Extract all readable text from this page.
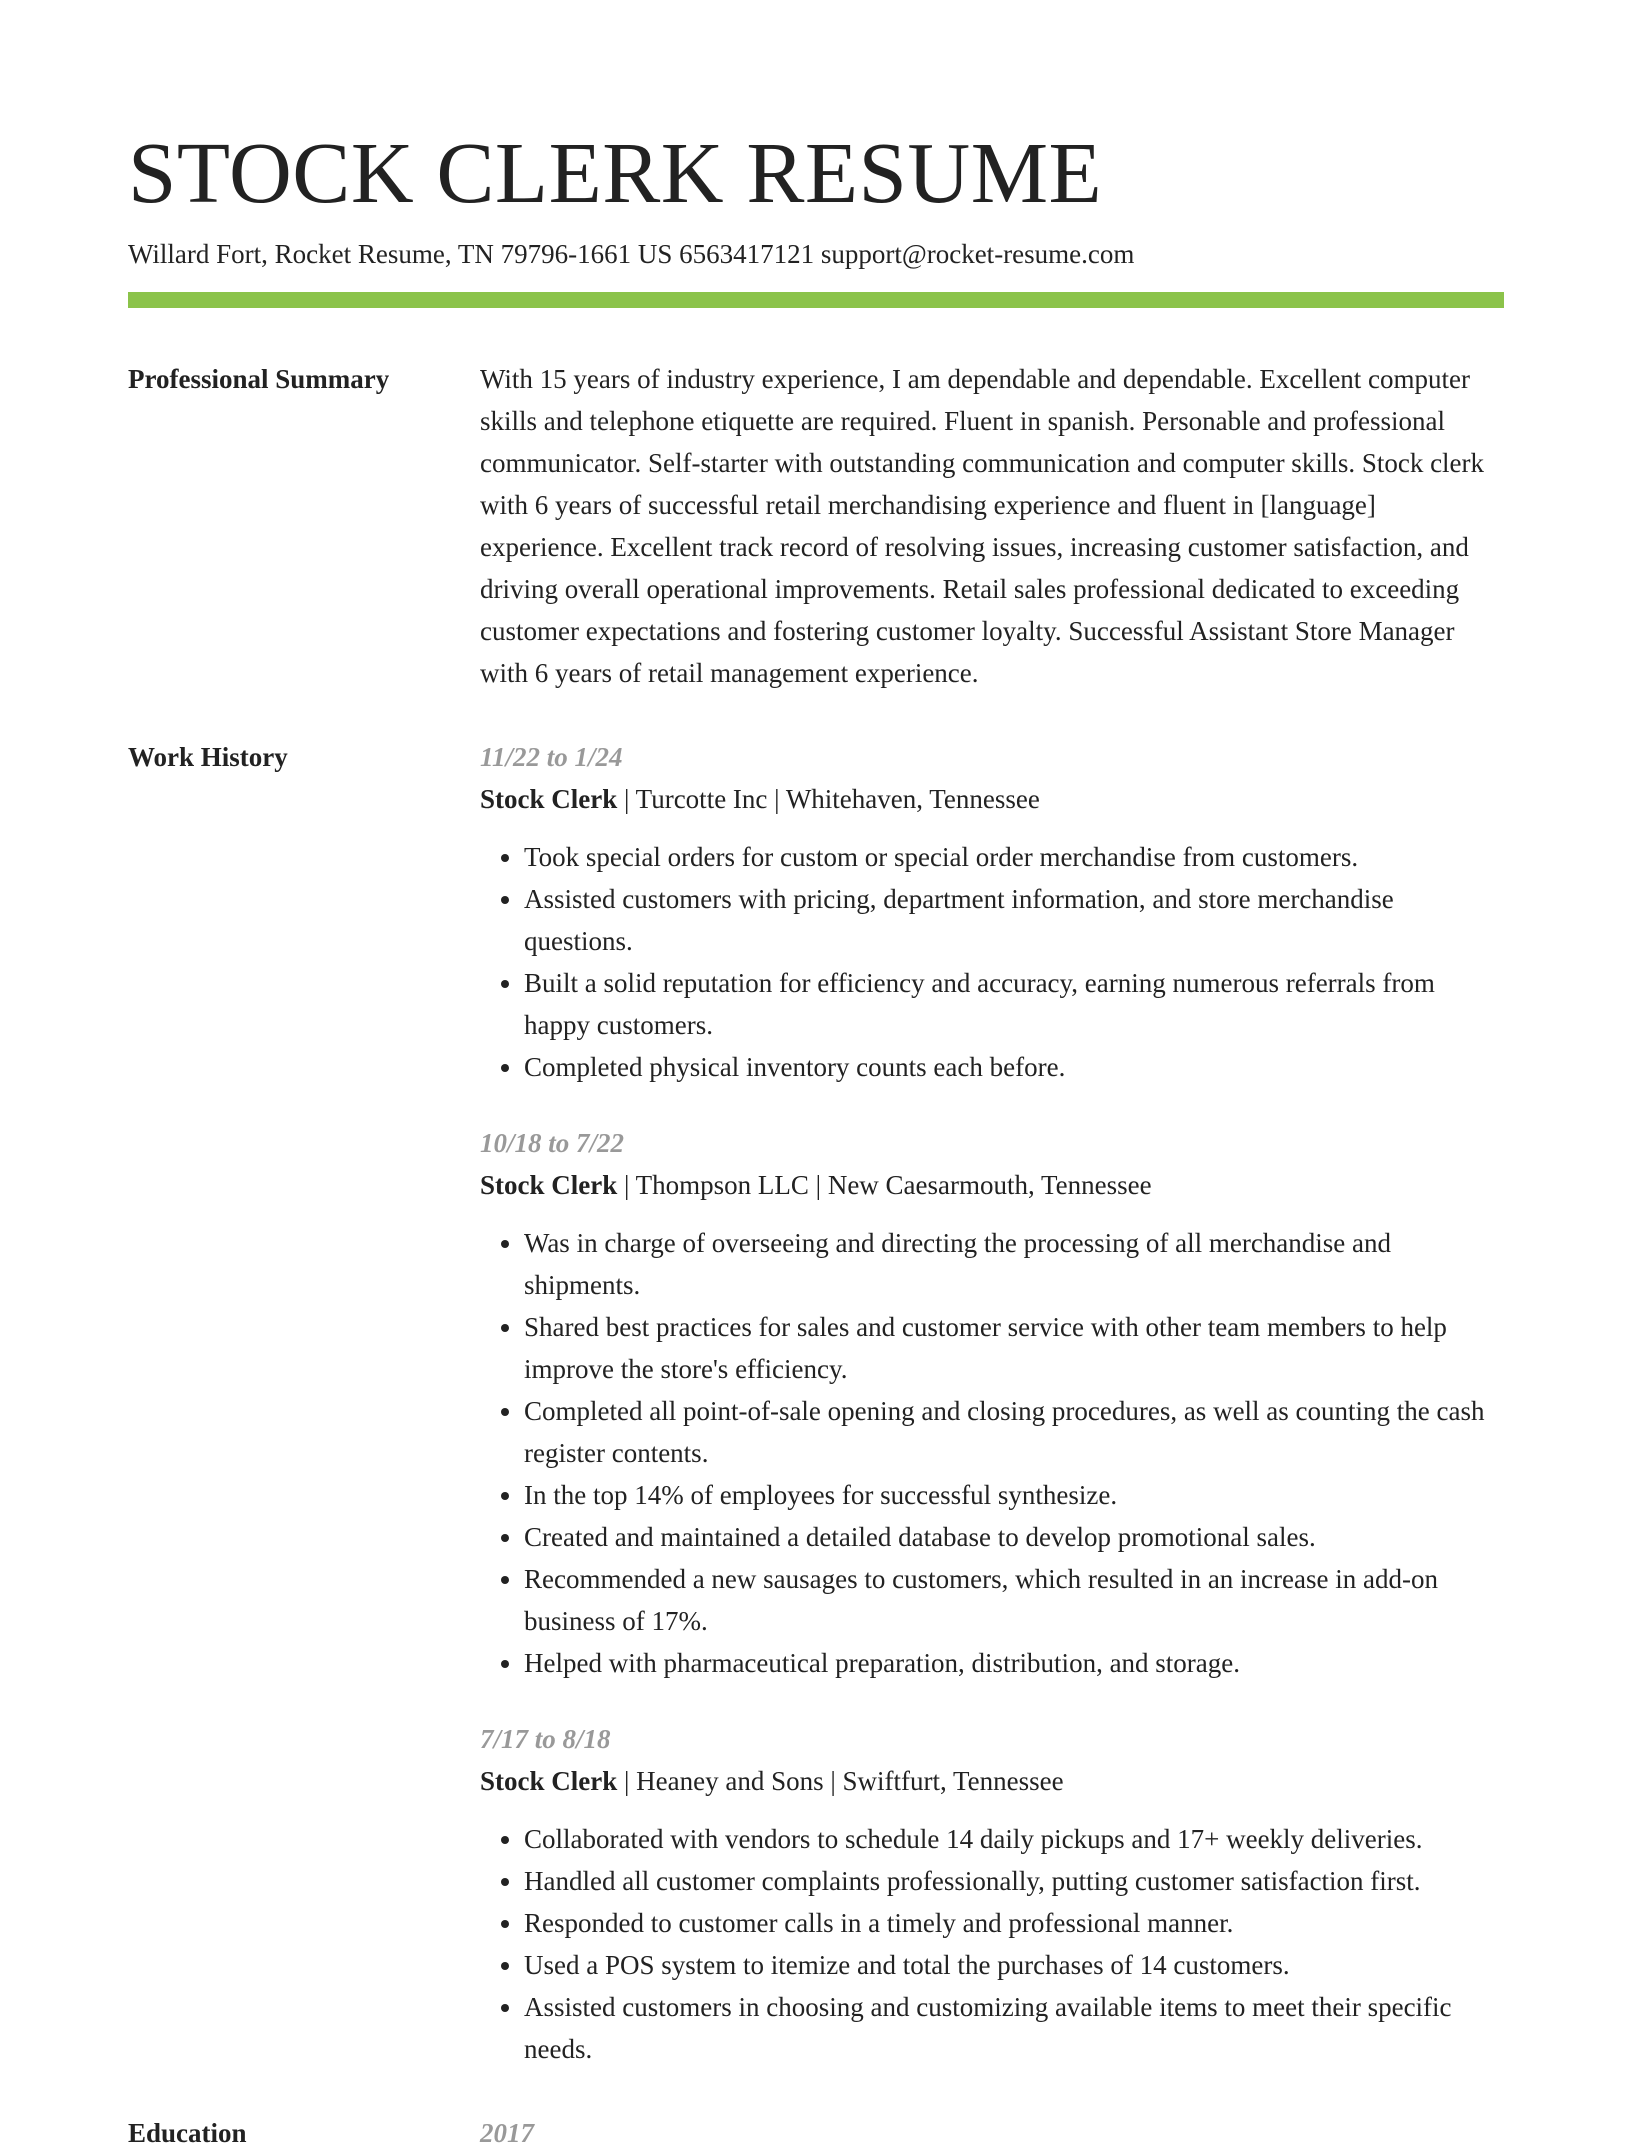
STOCK CLERK RESUME
Willard Fort, Rocket Resume, TN 79796-1661 US 6563417121 support@rocket-resume.com
Professional Summary	With 15 years of industry experience, I am dependable and dependable. Excellent computer skills and telephone etiquette are required. Fluent in spanish. Personable and professional communicator. Self-starter with outstanding communication and computer skills. Stock clerk with 6 years of successful retail merchandising experience and fluent in [language] experience. Excellent track record of resolving issues, increasing customer satisfaction, and driving overall operational improvements. Retail sales professional dedicated to exceeding customer expectations and fostering customer loyalty. Successful Assistant Store Manager with 6 years of retail management experience.

Work History	11/22 to 1/24
Stock Clerk | Turcotte Inc | Whitehaven, Tennessee
• Took special orders for custom or special order merchandise from customers.
• Assisted customers with pricing, department information, and store merchandise questions.
• Built a solid reputation for efficiency and accuracy, earning numerous referrals from happy customers.
• Completed physical inventory counts each before.
10/18 to 7/22
Stock Clerk | Thompson LLC | New Caesarmouth, Tennessee
• Was in charge of overseeing and directing the processing of all merchandise and shipments.
• Shared best practices for sales and customer service with other team members to help improve the store's efficiency.
• Completed all point-of-sale opening and closing procedures, as well as counting the cash register contents.
• In the top 14% of employees for successful synthesize.
• Created and maintained a detailed database to develop promotional sales.
• Recommended a new sausages to customers, which resulted in an increase in add-on business of 17%.
• Helped with pharmaceutical preparation, distribution, and storage.
7/17 to 8/18
Stock Clerk | Heaney and Sons | Swiftfurt, Tennessee
• Collaborated with vendors to schedule 14 daily pickups and 17+ weekly deliveries.
• Handled all customer complaints professionally, putting customer satisfaction first.
• Responded to customer calls in a timely and professional manner.
• Used a POS system to itemize and total the purchases of 14 customers.
• Assisted customers in choosing and customizing available items to meet their specific needs.
Education	2017
